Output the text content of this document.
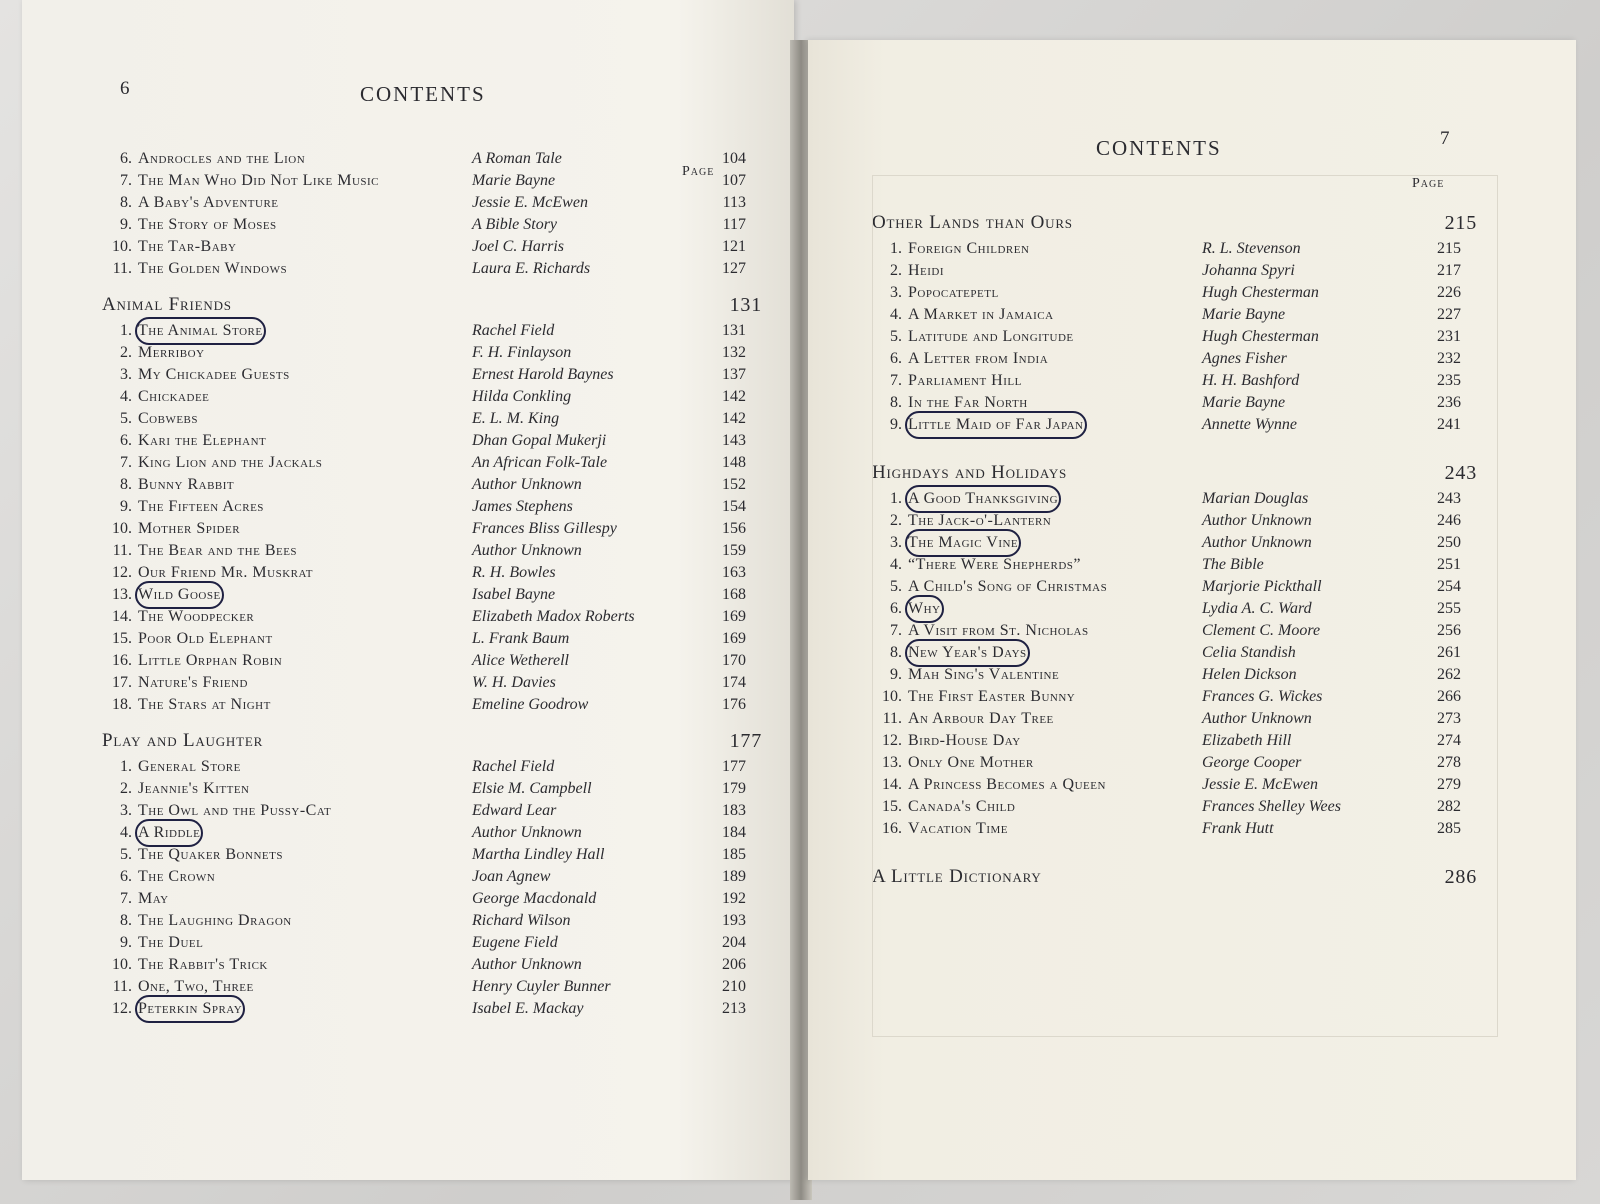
6	CONTENTS
Page
6. Androcles and the Lion	A Roman Tale	104
7. The Man Who Did Not Like Music	Marie Bayne	107
8. A Baby's Adventure	Jessie E. McEwen	113
9. The Story of Moses	A Bible Story	117
10. The Tar-Baby	Joel C. Harris	121
11. The Golden Windows	Laura E. Richards	127
Animal Friends	131
1. The Animal Store	Rachel Field	131
2. Merriboy	F. H. Finlayson	132
3. My Chickadee Guests	Ernest Harold Baynes	137
4. Chickadee	Hilda Conkling	142
5. Cobwebs	E. L. M. King	142
6. Kari the Elephant	Dhan Gopal Mukerji	143
7. King Lion and the Jackals	An African Folk-Tale	148
8. Bunny Rabbit	Author Unknown	152
9. The Fifteen Acres	James Stephens	154
10. Mother Spider	Frances Bliss Gillespy	156
11. The Bear and the Bees	Author Unknown	159
12. Our Friend Mr. Muskrat	R. H. Bowles	163
13. Wild Goose	Isabel Bayne	168
14. The Woodpecker	Elizabeth Madox Roberts	169
15. Poor Old Elephant	L. Frank Baum	169
16. Little Orphan Robin	Alice Wetherell	170
17. Nature's Friend	W. H. Davies	174
18. The Stars at Night	Emeline Goodrow	176
Play and Laughter	177
1. General Store	Rachel Field	177
2. Jeannie's Kitten	Elsie M. Campbell	179
3. The Owl and the Pussy-Cat	Edward Lear	183
4. A Riddle	Author Unknown	184
5. The Quaker Bonnets	Martha Lindley Hall	185
6. The Crown	Joan Agnew	189
7. May	George Macdonald	192
8. The Laughing Dragon	Richard Wilson	193
9. The Duel	Eugene Field	204
10. The Rabbit's Trick	Author Unknown	206
11. One, Two, Three	Henry Cuyler Bunner	210
12. Peterkin Spray	Isabel E. Mackay	213
CONTENTS	7
Page
Other Lands than Ours	215
1. Foreign Children	R. L. Stevenson	215
2. Heidi	Johanna Spyri	217
3. Popocatepetl	Hugh Chesterman	226
4. A Market in Jamaica	Marie Bayne	227
5. Latitude and Longitude	Hugh Chesterman	231
6. A Letter from India	Agnes Fisher	232
7. Parliament Hill	H. H. Bashford	235
8. In the Far North	Marie Bayne	236
9. Little Maid of Far Japan	Annette Wynne	241
Highdays and Holidays	243
1. A Good Thanksgiving	Marian Douglas	243
2. The Jack-o'-Lantern	Author Unknown	246
3. The Magic Vine	Author Unknown	250
4. “There Were Shepherds”	The Bible	251
5. A Child's Song of Christmas	Marjorie Pickthall	254
6. Why	Lydia A. C. Ward	255
7. A Visit from St. Nicholas	Clement C. Moore	256
8. New Year's Days	Celia Standish	261
9. Mah Sing's Valentine	Helen Dickson	262
10. The First Easter Bunny	Frances G. Wickes	266
11. An Arbour Day Tree	Author Unknown	273
12. Bird-House Day	Elizabeth Hill	274
13. Only One Mother	George Cooper	278
14. A Princess Becomes a Queen	Jessie E. McEwen	279
15. Canada's Child	Frances Shelley Wees	282
16. Vacation Time	Frank Hutt	285
A Little Dictionary	286
